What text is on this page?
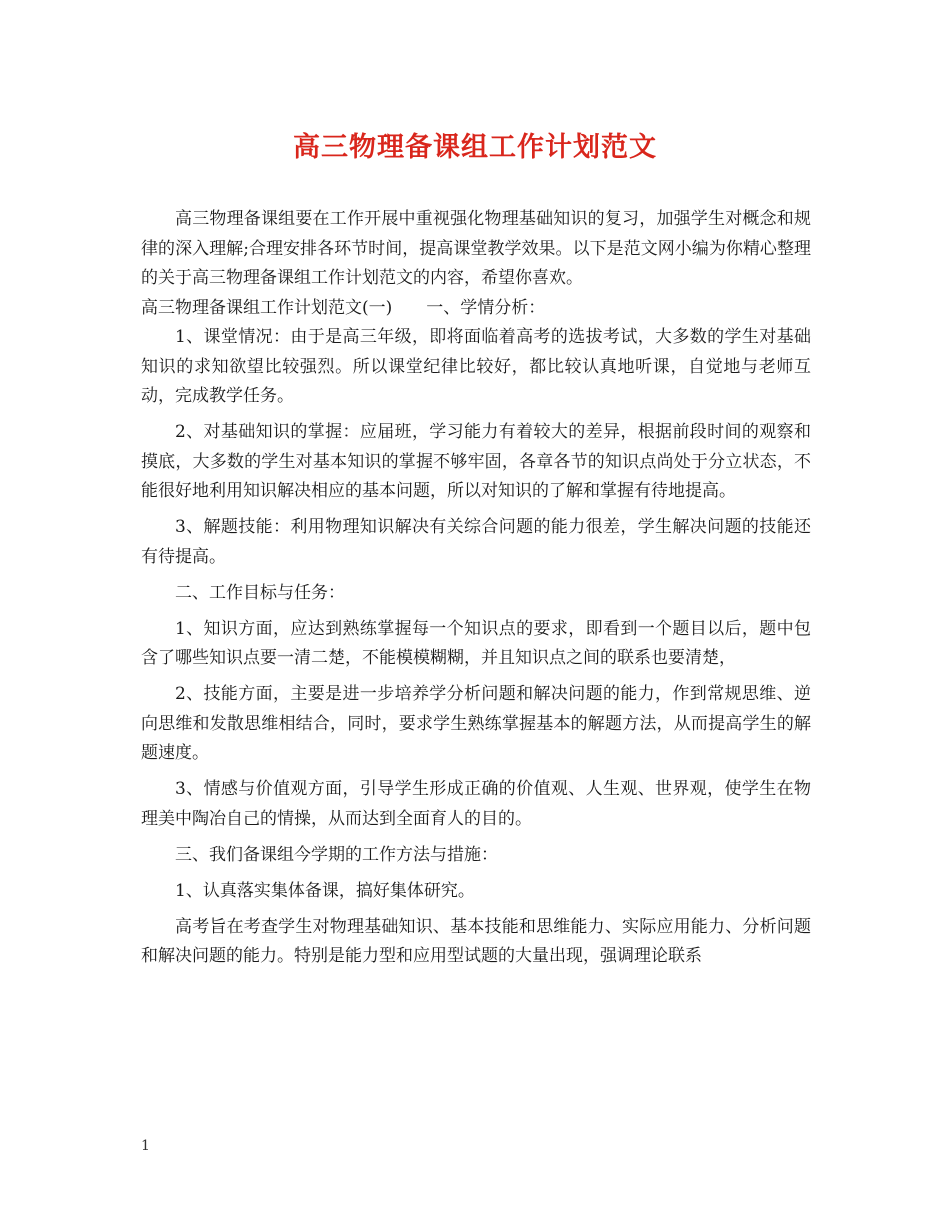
高三物理备课组工作计划范文

高三物理备课组要在工作开展中重视强化物理基础知识的复习，加强学生对概念和规律的深入理解;合理安排各环节时间，提高课堂教学效果。以下是范文网小编为你精心整理的关于高三物理备课组工作计划范文的内容，希望你喜欢。

高三物理备课组工作计划范文(一)　　一、学情分析：

1、课堂情况：由于是高三年级，即将面临着高考的选拔考试，大多数的学生对基础知识的求知欲望比较强烈。所以课堂纪律比较好，都比较认真地听课，自觉地与老师互动，完成教学任务。

2、对基础知识的掌握：应届班，学习能力有着较大的差异，根据前段时间的观察和摸底，大多数的学生对基本知识的掌握不够牢固，各章各节的知识点尚处于分立状态，不能很好地利用知识解决相应的基本问题，所以对知识的了解和掌握有待地提高。

3、解题技能：利用物理知识解决有关综合问题的能力很差，学生解决问题的技能还有待提高。

二、工作目标与任务：

1、知识方面，应达到熟练掌握每一个知识点的要求，即看到一个题目以后，题中包含了哪些知识点要一清二楚，不能模模糊糊，并且知识点之间的联系也要清楚，

2、技能方面，主要是进一步培养学分析问题和解决问题的能力，作到常规思维、逆向思维和发散思维相结合，同时，要求学生熟练掌握基本的解题方法，从而提高学生的解题速度。

3、情感与价值观方面，引导学生形成正确的价值观、人生观、世界观，使学生在物理美中陶冶自己的情操，从而达到全面育人的目的。

三、我们备课组今学期的工作方法与措施：

1、认真落实集体备课，搞好集体研究。

高考旨在考查学生对物理基础知识、基本技能和思维能力、实际应用能力、分析问题和解决问题的能力。特别是能力型和应用型试题的大量出现，强调理论联系

1
